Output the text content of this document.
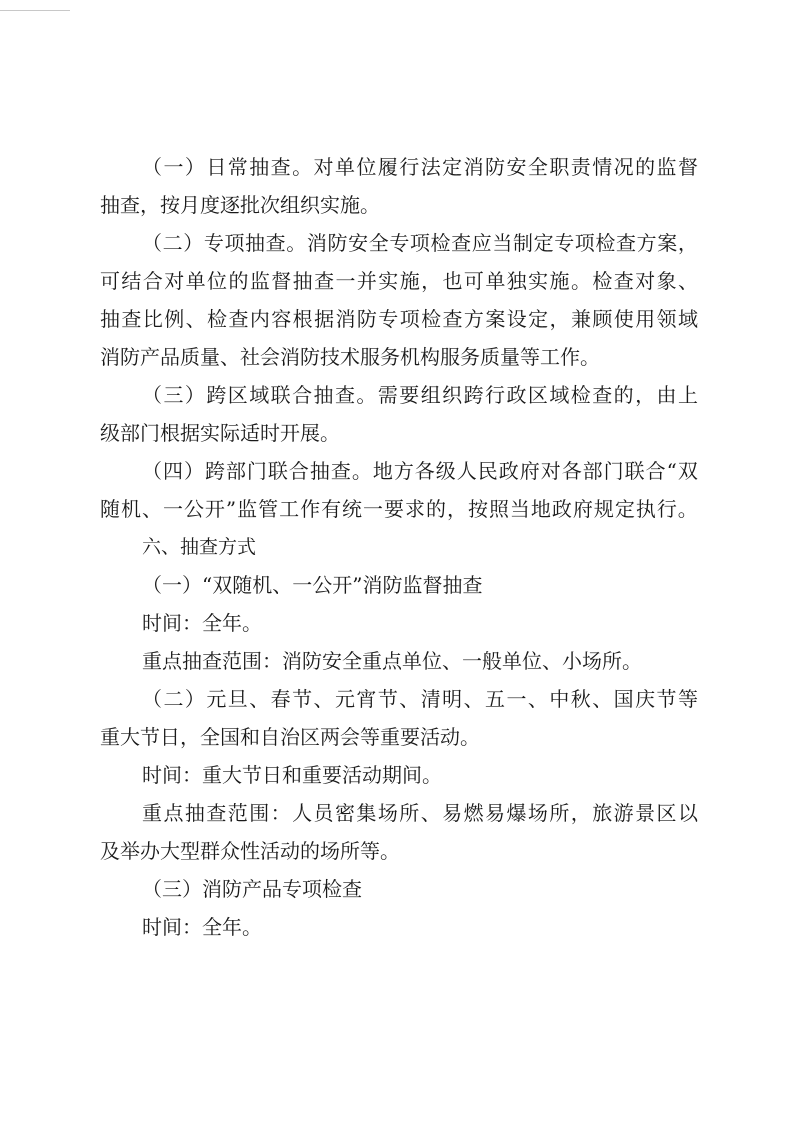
（ 一 ） 日 常 抽 查 。 对 单 位 履 行 法 定 消 防 安 全 职 责 情 况 的 监 督
抽查，按月度逐批次组织实施。
（ 二 ） 专 项 抽 查 。 消 防 安 全 专 项 检 查 应 当 制 定 专 项 检 查 方 案 ，
可 结 合 对 单 位 的 监 督 抽 查 一 并 实 施 ， 也 可 单 独 实 施 。 检 查 对 象 、
抽 查 比 例 、 检 查 内 容 根 据 消 防 专 项 检 查 方 案 设 定 ， 兼 顾 使 用 领 域
消防产品质量、社会消防技术服务机构服务质量等工作。
（ 三 ） 跨 区 域 联 合 抽 查 。 需 要 组 织 跨 行 政 区 域 检 查 的 ， 由 上
级部门根据实际适时开展。
（ 四 ） 跨 部 门 联 合 抽 查 。 地 方 各 级 人 民 政 府 对 各 部 门 联 合 “ 双
随 机 、 一 公 开 ” 监 管 工 作 有 统 一 要 求 的 ， 按 照 当 地 政 府 规 定 执 行 。
六、抽查方式
（一）“双随机、一公开”消防监督抽查
时间：全年。
重点抽查范围：消防安全重点单位、一般单位、小场所。
（ 二 ） 元 旦 、 春 节 、 元 宵 节 、 清 明 、 五 一 、 中 秋 、 国 庆 节 等
重大节日，全国和自治区两会等重要活动。
时间：重大节日和重要活动期间。
重 点 抽 查 范 围 ： 人 员 密 集 场 所 、 易 燃 易 爆 场 所 ， 旅 游 景 区 以
及举办大型群众性活动的场所等。
（三）消防产品专项检查
时间：全年。
